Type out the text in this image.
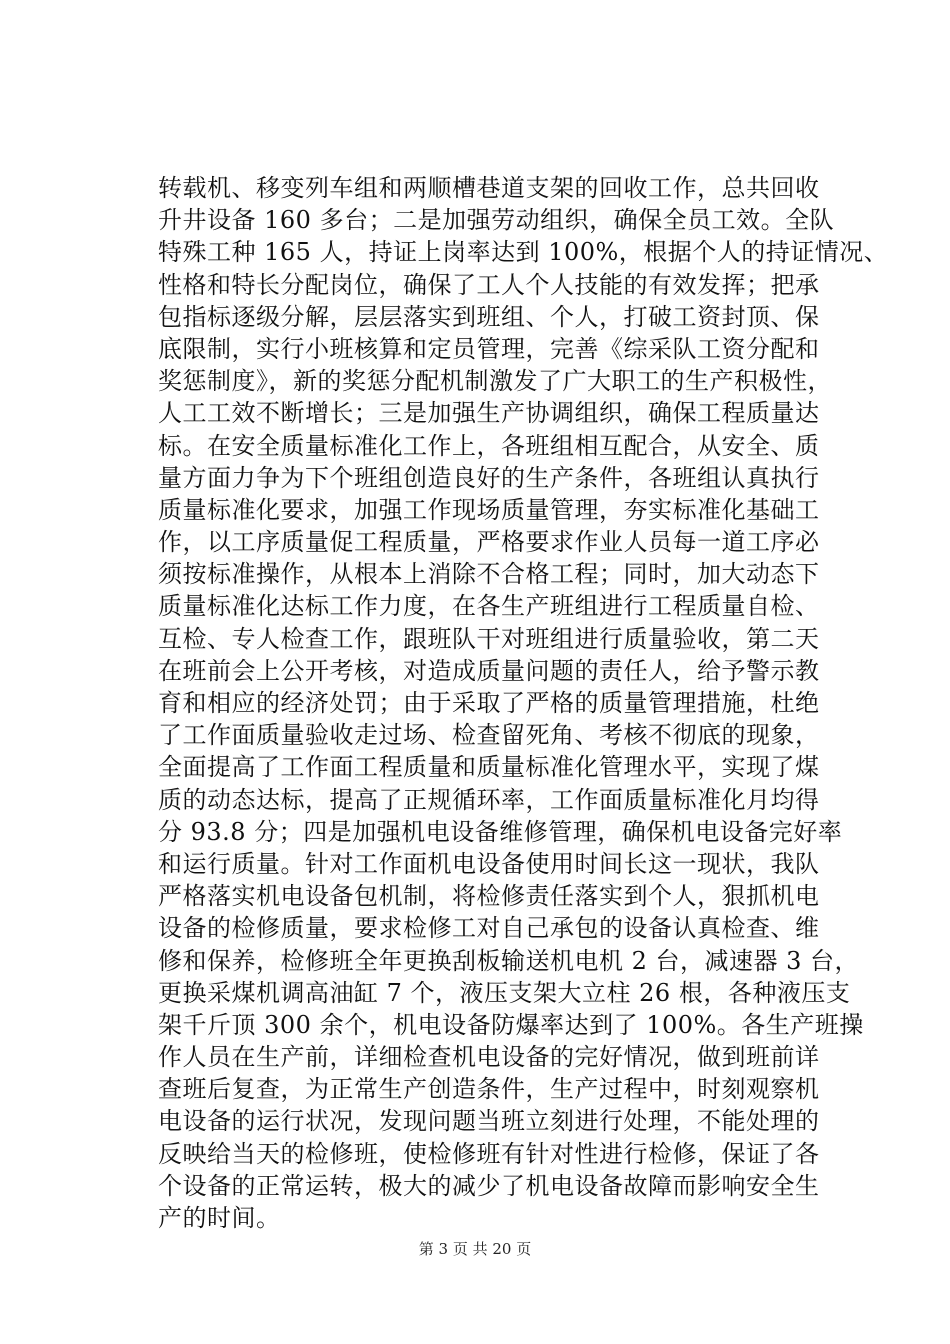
转载机、移变列车组和两顺槽巷道支架的回收工作，总共回收
升井设备 160 多台；二是加强劳动组织，确保全员工效。全队
特殊工种 165 人，持证上岗率达到 100%，根据个人的持证情况、
性格和特长分配岗位，确保了工人个人技能的有效发挥；把承
包指标逐级分解，层层落实到班组、个人，打破工资封顶、保
底限制，实行小班核算和定员管理，完善《综采队工资分配和
奖惩制度》，新的奖惩分配机制激发了广大职工的生产积极性，
人工工效不断增长；三是加强生产协调组织，确保工程质量达
标。在安全质量标准化工作上，各班组相互配合，从安全、质
量方面力争为下个班组创造良好的生产条件，各班组认真执行
质量标准化要求，加强工作现场质量管理，夯实标准化基础工
作，以工序质量促工程质量，严格要求作业人员每一道工序必
须按标准操作，从根本上消除不合格工程；同时，加大动态下
质量标准化达标工作力度，在各生产班组进行工程质量自检、
互检、专人检查工作，跟班队干对班组进行质量验收，第二天
在班前会上公开考核，对造成质量问题的责任人，给予警示教
育和相应的经济处罚；由于采取了严格的质量管理措施，杜绝
了工作面质量验收走过场、检查留死角、考核不彻底的现象，
全面提高了工作面工程质量和质量标准化管理水平，实现了煤
质的动态达标，提高了正规循环率，工作面质量标准化月均得
分 93.8 分；四是加强机电设备维修管理，确保机电设备完好率
和运行质量。针对工作面机电设备使用时间长这一现状，我队
严格落实机电设备包机制，将检修责任落实到个人，狠抓机电
设备的检修质量，要求检修工对自己承包的设备认真检查、维
修和保养，检修班全年更换刮板输送机电机 2 台，减速器 3 台，
更换采煤机调高油缸 7 个，液压支架大立柱 26 根，各种液压支
架千斤顶 300 余个，机电设备防爆率达到了 100%。各生产班操
作人员在生产前，详细检查机电设备的完好情况，做到班前详
查班后复查，为正常生产创造条件，生产过程中，时刻观察机
电设备的运行状况，发现问题当班立刻进行处理，不能处理的
反映给当天的检修班，使检修班有针对性进行检修，保证了各
个设备的正常运转，极大的减少了机电设备故障而影响安全生
产的时间。
第 3 页 共 20 页
